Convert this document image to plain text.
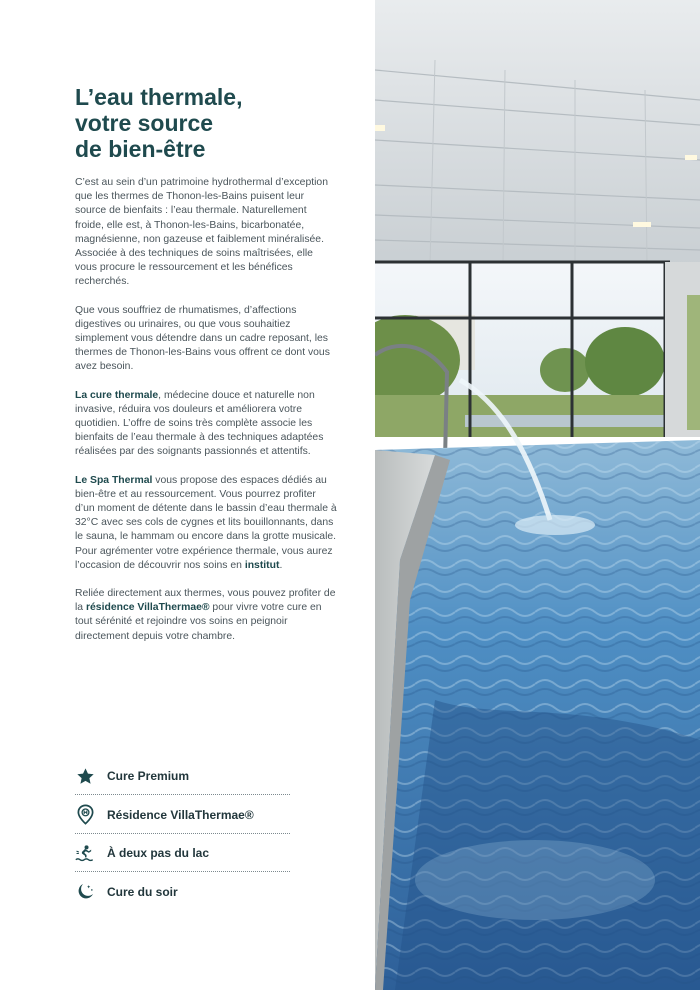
L’eau thermale,
votre source
de bien-être

C’est au sein d’un patrimoine hydrothermal d’exception que les thermes de Thonon-les-Bains puisent leur source de bienfaits : l’eau thermale. Naturellement froide, elle est, à Thonon-les-Bains, bicarbonatée, magnésienne, non gazeuse et faiblement minéralisée. Associée à des techniques de soins maîtrisées, elle vous procure le ressourcement et les bénéfices recherchés.

Que vous souffriez de rhumatismes, d’affections digestives ou urinaires, ou que vous souhaitiez simplement vous détendre dans un cadre reposant, les thermes de Thonon-les-Bains vous offrent ce dont vous avez besoin.

La cure thermale, médecine douce et naturelle non invasive, réduira vos douleurs et améliorera votre quotidien. L’offre de soins très complète associe les bienfaits de l’eau thermale à des techniques adaptées réalisées par des soignants passionnés et attentifs.

Le Spa Thermal vous propose des espaces dédiés au bien-être et au ressourcement. Vous pourrez profiter d’un moment de détente dans le bassin d’eau thermale à 32°C avec ses cols de cygnes et lits bouillonnants, dans le sauna, le hammam ou encore dans la grotte musicale. Pour agrémenter votre expérience thermale, vous aurez l’occasion de découvrir nos soins en institut.

Reliée directement aux thermes, vous pouvez profiter de la résidence VillaThermae® pour vivre votre cure en tout sérénité et rejoindre vos soins en peignoir directement depuis votre chambre.

Cure Premium
Résidence VillaThermae®
À deux pas du lac
Cure du soir
